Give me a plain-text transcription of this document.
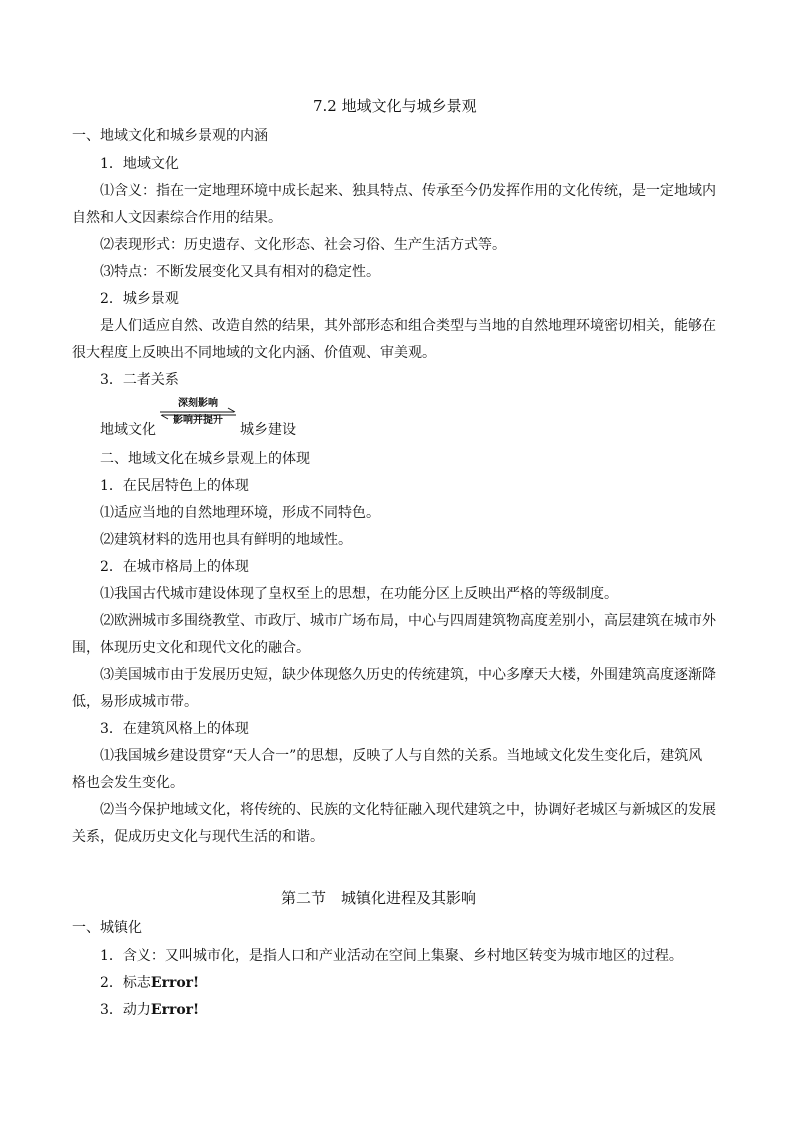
7.2 地域文化与城乡景观
一、地域文化和城乡景观的内涵
1．地域文化
⑴含义：指在一定地理环境中成长起来、独具特点、传承至今仍发挥作用的文化传统，是一定地域内
自然和人文因素综合作用的结果。
⑵表现形式：历史遗存、文化形态、社会习俗、生产生活方式等。
⑶特点：不断发展变化又具有相对的稳定性。
2．城乡景观
是人们适应自然、改造自然的结果，其外部形态和组合类型与当地的自然地理环境密切相关，能够在
很大程度上反映出不同地域的文化内涵、价值观、审美观。
3．二者关系
地域文化
深刻影响
影响并提升
城乡建设
二、地域文化在城乡景观上的体现
1．在民居特色上的体现
⑴适应当地的自然地理环境，形成不同特色。
⑵建筑材料的选用也具有鲜明的地域性。
2．在城市格局上的体现
⑴我国古代城市建设体现了皇权至上的思想，在功能分区上反映出严格的等级制度。
⑵欧洲城市多围绕教堂、市政厅、城市广场布局，中心与四周建筑物高度差别小，高层建筑在城市外
围，体现历史文化和现代文化的融合。
⑶美国城市由于发展历史短，缺少体现悠久历史的传统建筑，中心多摩天大楼，外围建筑高度逐渐降
低，易形成城市带。
3．在建筑风格上的体现
⑴我国城乡建设贯穿“天人合一”的思想，反映了人与自然的关系。当地域文化发生变化后，建筑风
格也会发生变化。
⑵当今保护地域文化，将传统的、民族的文化特征融入现代建筑之中，协调好老城区与新城区的发展
关系，促成历史文化与现代生活的和谐。
第二节　城镇化进程及其影响
一、城镇化
1．含义：又叫城市化，是指人口和产业活动在空间上集聚、乡村地区转变为城市地区的过程。
2．标志Error!
3．动力Error!
